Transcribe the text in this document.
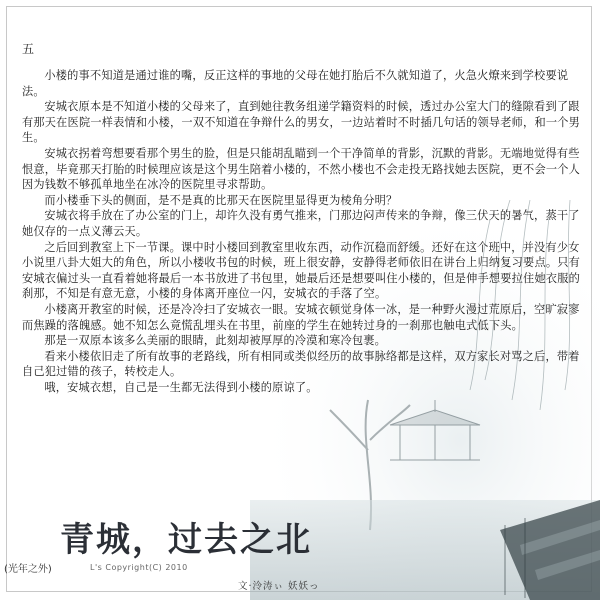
五

小楼的事不知道是通过谁的嘴，反正这样的事地的父母在她打胎后不久就知道了，火急火燎来到学校要说法。

安城衣原本是不知道小楼的父母来了，直到她往教务组递学籍资料的时候，透过办公室大门的缝隙看到了跟有那天在医院一样表情和小楼，一双不知道在争辩什么的男女，一边站着时不时插几句话的领导老师，和一个男生。

安城衣拐着弯想要看那个男生的脸，但是只能胡乱瞄到一个干净简单的背影，沉默的背影。无端地觉得有些恨意，毕竟那天打胎的时候理应该是这个男生陪着小楼的，不然小楼也不会走投无路找她去医院，更不会一个人因为钱数不够孤单地坐在冰冷的医院里寻求帮助。

而小楼垂下头的侧面，是不是真的比那天在医院里显得更为棱角分明？

安城衣将手放在了办公室的门上，却许久没有勇气推来，门那边闷声传来的争辩，像三伏天的暑气，蒸干了她仅存的一点义薄云天。

之后回到教室上下一节课。课中时小楼回到教室里收东西，动作沉稳而舒缓。还好在这个班中，并没有少女小说里八卦大姐大的角色，所以小楼收书包的时候，班上很安静，安静得老师依旧在讲台上归纳复习要点。只有安城衣偏过头一直看着她将最后一本书放进了书包里，她最后还是想要叫住小楼的，但是伸手想要拉住她衣服的刹那，不知是有意无意，小楼的身体离开座位一闪，安城衣的手落了空。

小楼离开教室的时候，还是冷冷扫了安城衣一眼。安城衣顿觉身体一冰，是一种野火漫过荒原后，空旷寂寥而焦躁的落魄感。她不知怎么竟慌乱埋头在书里，前座的学生在她转过身的一刹那也触电式低下头。

那是一双原本该多么美丽的眼睛，此刻却被厚厚的冷漠和寒冷包裹。

看来小楼依旧走了所有故事的老路线，所有相同或类似经历的故事脉络都是这样，双方家长对骂之后，带着自己犯过错的孩子，转校走人。

哦，安城衣想，自己是一生都无法得到小楼的原谅了。

(光年之外)
青城，过去之北
L's Copyright(C) 2010
文·泠涛ぃ 妖妖っ
